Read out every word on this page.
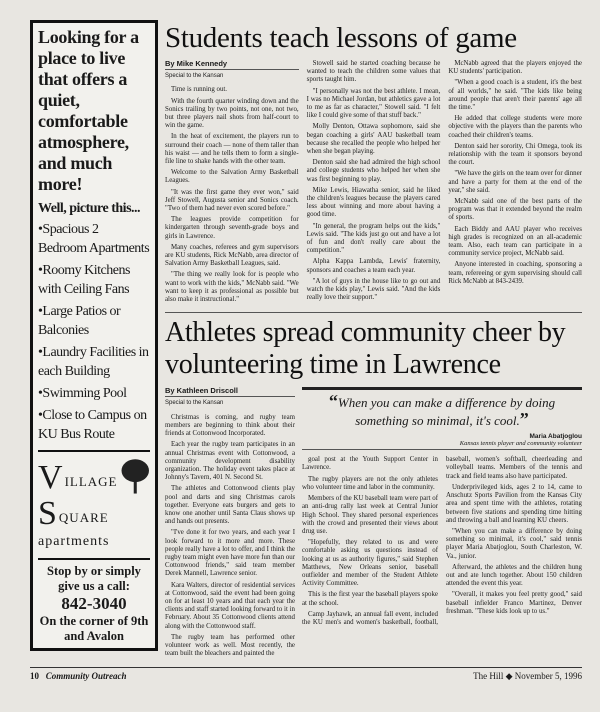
Looking for a place to live that offers a quiet, comfortable atmosphere, and much more!
Well, picture this...
•Spacious 2 Bedroom Apartments
•Roomy Kitchens with Ceiling Fans
•Large Patios or Balconies
•Laundry Facilities in each Building
•Swimming Pool
•Close to Campus on KU Bus Route
V ILLAGE
S QUARE
apartments
Stop by or simply give us a call:
842-3040
On the corner of 9th and Avalon
Students teach lessons of game
By Mike Kennedy
Special to the Kansan

Time is running out.

With the fourth quarter winding down and the Sonics trailing by two points, not one, not two, but three players nail shots from half-court to win the game.

In the heat of excitement, the players run to surround their coach — none of them taller than his waist — and he tells them to form a single-file line to shake hands with the other team.

Welcome to the Salvation Army Basketball Leagues.

"It was the first game they ever won," said Jeff Stowell, Augusta senior and Sonics coach. "Two of them had never even scored before."

The leagues provide competition for kindergarten through seventh-grade boys and girls in Lawrence.

Many coaches, referees and gym supervisors are KU students, Rick McNabb, area director of Salvation Army Basketball Leagues, said.

"The thing we really look for is people who want to work with the kids," McNabb said. "We want to keep it as professional as possible but also make it instructional."

Stowell said he started coaching because he wanted to teach the children some values that sports taught him.

"I personally was not the best athlete. I mean, I was no Michael Jordan, but athletics gave a lot to me as far as character," Stowell said. "I felt like I could give some of that stuff back."

Molly Denton, Ottawa sophomore, said she began coaching a girls' AAU basketball team because she recalled the people who helped her when she began playing.

Denton said she had admired the high school and college students who helped her when she was first beginning to play.

Mike Lewis, Hiawatha senior, said he liked the children's leagues because the players cared less about winning and more about having a good time.

"In general, the program helps out the kids," Lewis said. "The kids just go out and have a lot of fun and don't really care about the competition."

Alpha Kappa Lambda, Lewis' fraternity, sponsors and coaches a team each year.

"A lot of guys in the house like to go out and watch the kids play," Lewis said. "And the kids really love their support."

McNabb agreed that the players enjoyed the KU students' participation.

"When a good coach is a student, it's the best of all worlds," he said. "The kids like being around people that aren't their parents' age all the time."

He added that college students were more objective with the players than the parents who coached their children's teams.

Denton said her sorority, Chi Omega, took its relationship with the team it sponsors beyond the court.

"We have the girls on the team over for dinner and have a party for them at the end of the year," she said.

McNabb said one of the best parts of the program was that it extended beyond the realm of sports.

Each Biddy and AAU player who receives high grades is recognized on an all-academic team. Also, each team can participate in a community service project, McNabb said.

Anyone interested in coaching, sponsoring a team, refereeing or gym supervising should call Rick McNabb at 843-2439.

Athletes spread community cheer by volunteering time in Lawrence
By Kathleen Driscoll
Special to the Kansan

Christmas is coming, and rugby team members are beginning to think about their friends at Cottonwood Incorporated.

Each year the rugby team participates in an annual Christmas event with Cottonwood, a community development disability organization. The holiday event takes place at Johnny's Tavern, 401 N. Second St.

The athletes and Cottonwood clients play pool and darts and sing Christmas carols together. Everyone eats burgers and gets to know one another until Santa Claus shows up and hands out presents.

"I've done it for two years, and each year I look forward to it more and more. These people really have a lot to offer, and I think the rugby team might even have more fun than our Cottonwood friends," said team member Derek Mannell, Lawrence senior.

Kara Walters, director of residential services at Cottonwood, said the event had been going on for at least 10 years and that each year the clients and staff started looking forward to it in February. About 35 Cottonwood clients attend along with the Cottonwood staff.

The rugby team has performed other volunteer work as well. Most recently, the team built the bleachers and painted the

“When you can make a difference by doing something so minimal, it's cool.”
Maria Abatjoglou
Kansas tennis player and community volunteer

goal post at the Youth Support Center in Lawrence.

The rugby players are not the only athletes who volunteer time and labor in the community.

Members of the KU baseball team were part of an anti-drug rally last week at Central Junior High School. They shared personal experiences with the crowd and presented their views about drug use.

"Hopefully, they related to us and were comfortable asking us questions instead of looking at us as authority figures," said Stephen Matthews, New Orleans senior, baseball outfielder and member of the Student Athlete Activity Committee.

This is the first year the baseball players spoke at the school.

Camp Jayhawk, an annual fall event, included the KU men's and women's basketball, football, baseball, women's softball, cheerleading and volleyball teams. Members of the tennis and track and field teams also have participated.

Underprivileged kids, ages 2 to 14, came to Anschutz Sports Pavilion from the Kansas City area and spent time with the athletes, rotating between five stations and spending time hitting and throwing a ball and learning KU cheers.

"When you can make a difference by doing something so minimal, it's cool," said tennis player Maria Abatjoglou, South Charleston, W. Va., junior.

Afterward, the athletes and the children hung out and ate lunch together. About 150 children attended the event this year.

"Overall, it makes you feel pretty good," said baseball infielder Franco Martinez, Denver freshman. "These kids look up to us."

10 Community Outreach	The Hill ◆ November 5, 1996
